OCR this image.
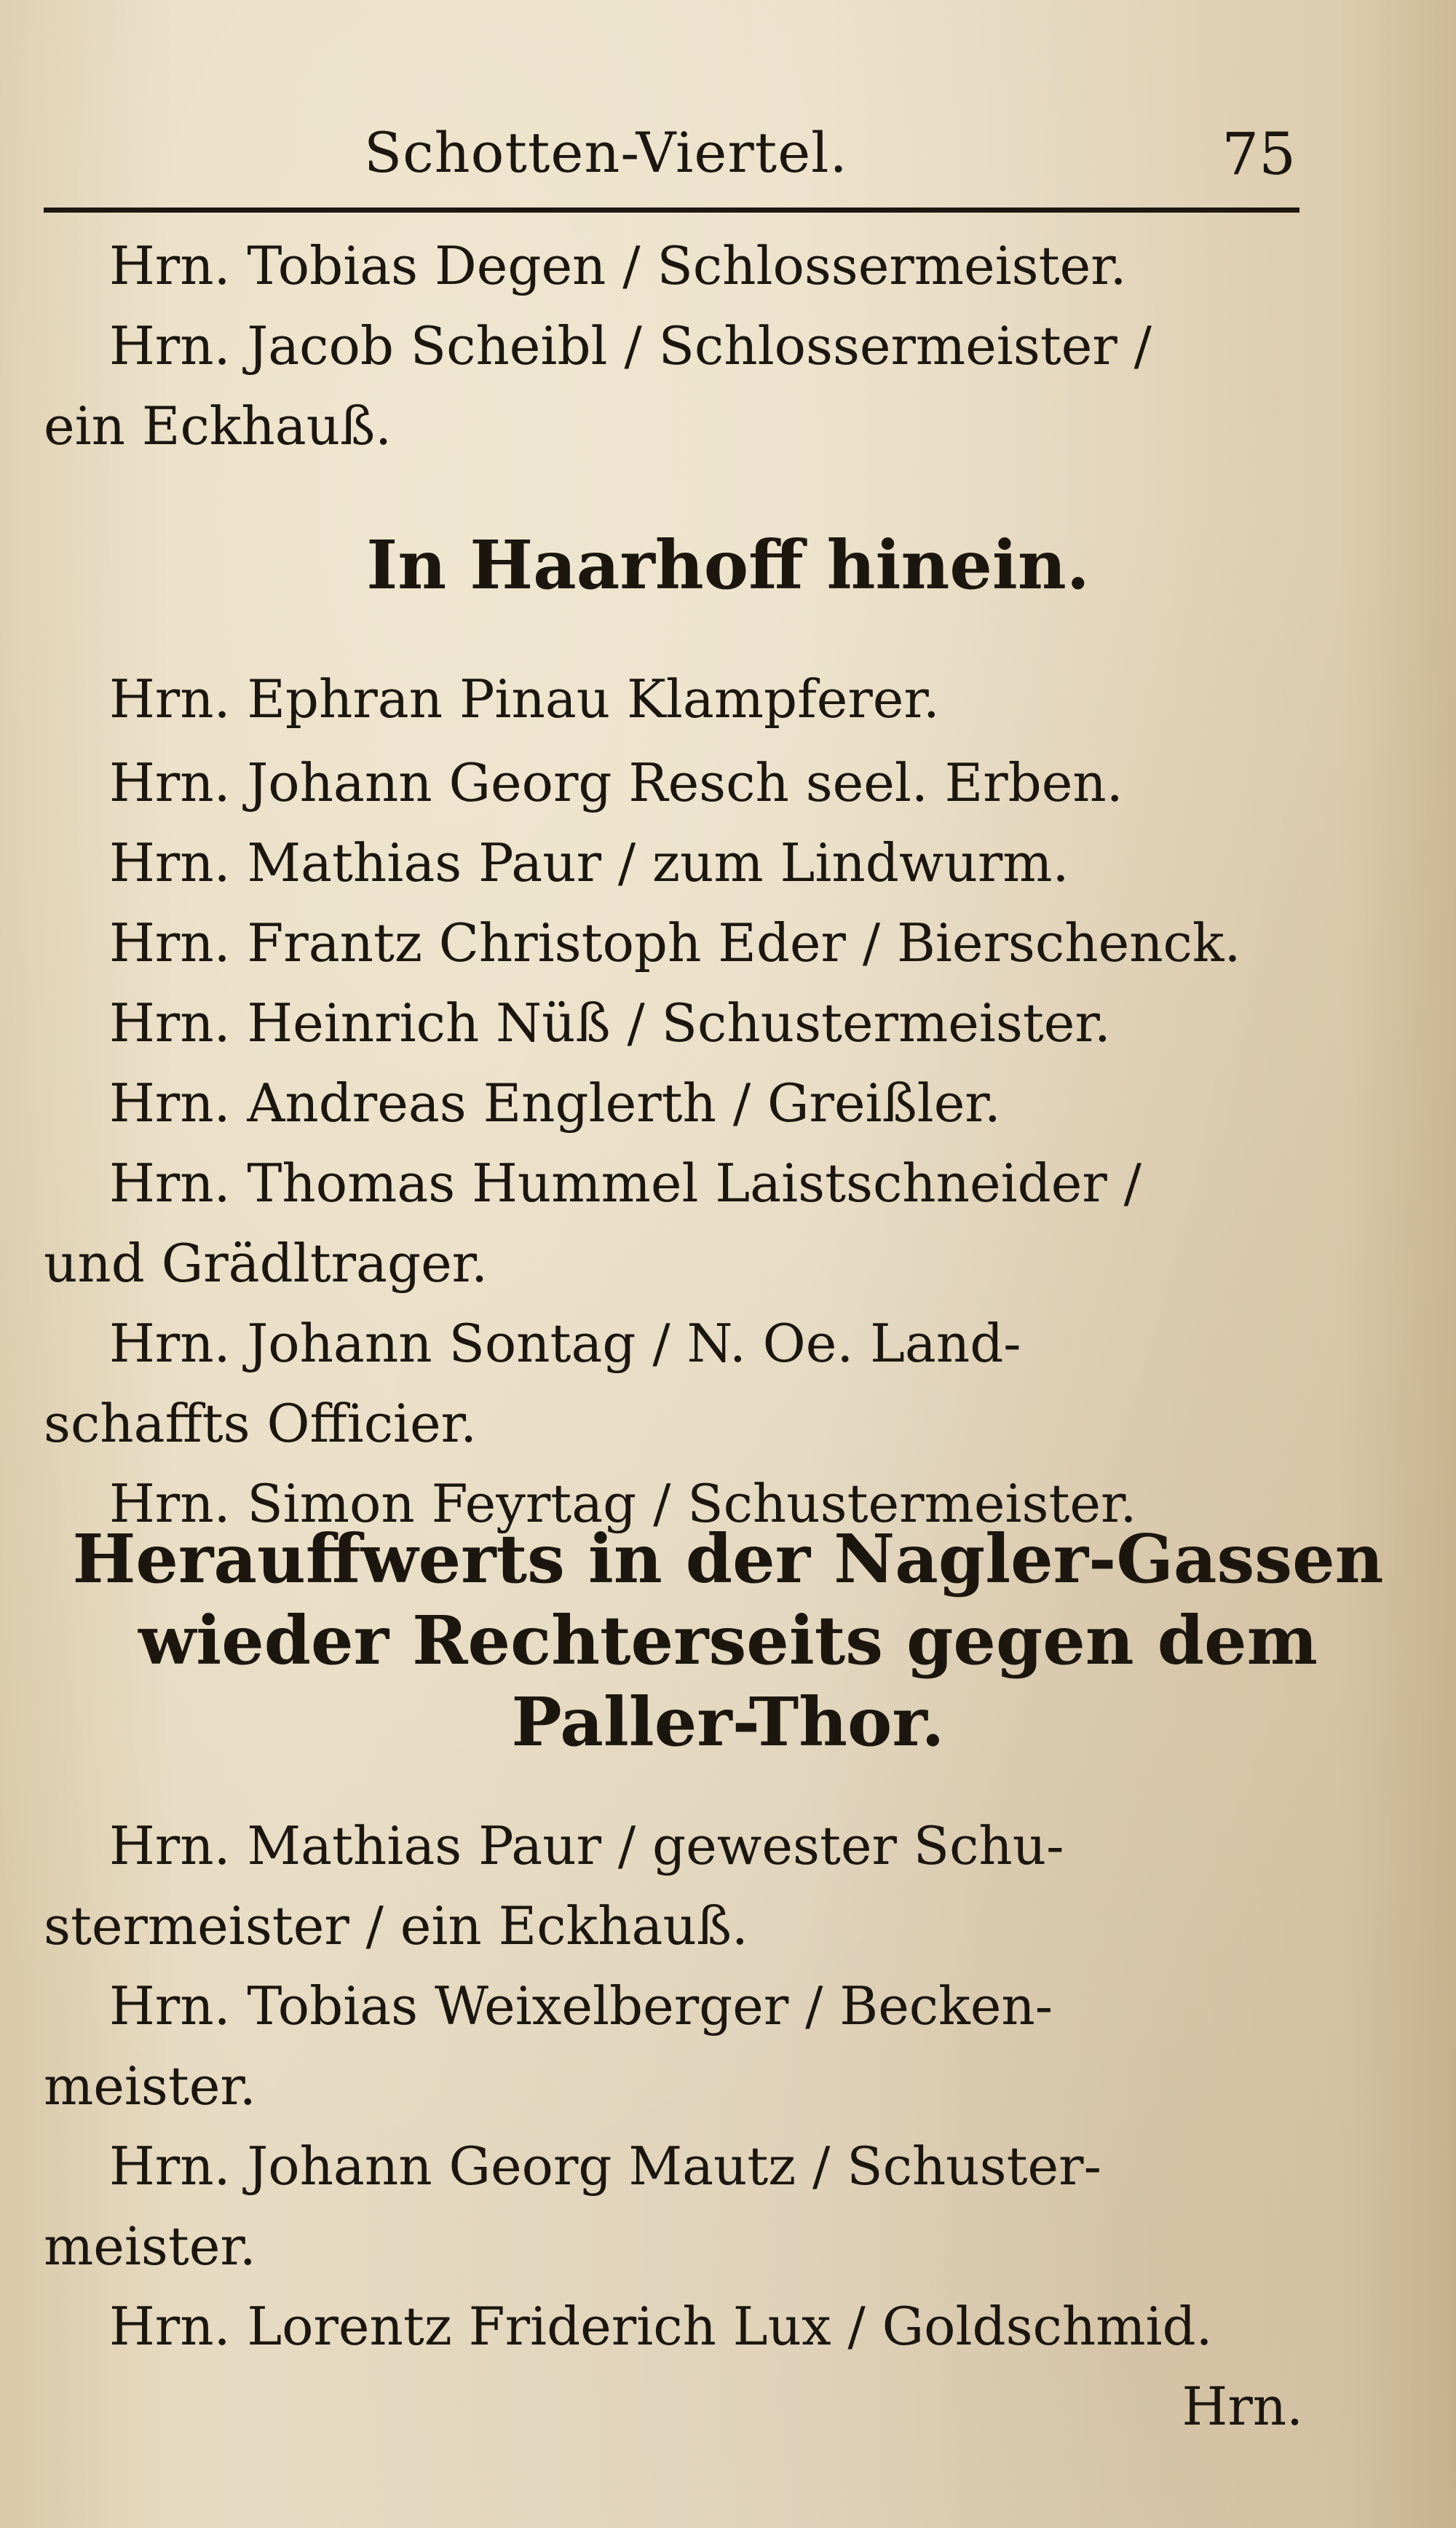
Schotten-Viertel.	75
Hrn. Tobias Degen / Schlossermeister.
Hrn. Jacob Scheibl / Schlossermeister /
ein Eckhauß.
In Haarhoff hinein.
Hrn. Ephran Pinau Klampferer.
Hrn. Johann Georg Resch seel. Erben.
Hrn. Mathias Paur / zum Lindwurm.
Hrn. Frantz Christoph Eder / Bierschenck.
Hrn. Heinrich Nüß / Schustermeister.
Hrn. Andreas Englerth / Greißler.
Hrn. Thomas Hummel Laistschneider /
und Grädltrager.
Hrn. Johann Sontag / N. Oe. Land-
schaffts Officier.
Hrn. Simon Feyrtag / Schustermeister.
Herauffwerts in der Nagler-Gassen
wieder Rechterseits gegen dem
Paller-Thor.
Hrn. Mathias Paur / gewester Schu-
stermeister / ein Eckhauß.
Hrn. Tobias Weixelberger / Becken-
meister.
Hrn. Johann Georg Mautz / Schuster-
meister.
Hrn. Lorentz Friderich Lux / Goldschmid.
Hrn.
